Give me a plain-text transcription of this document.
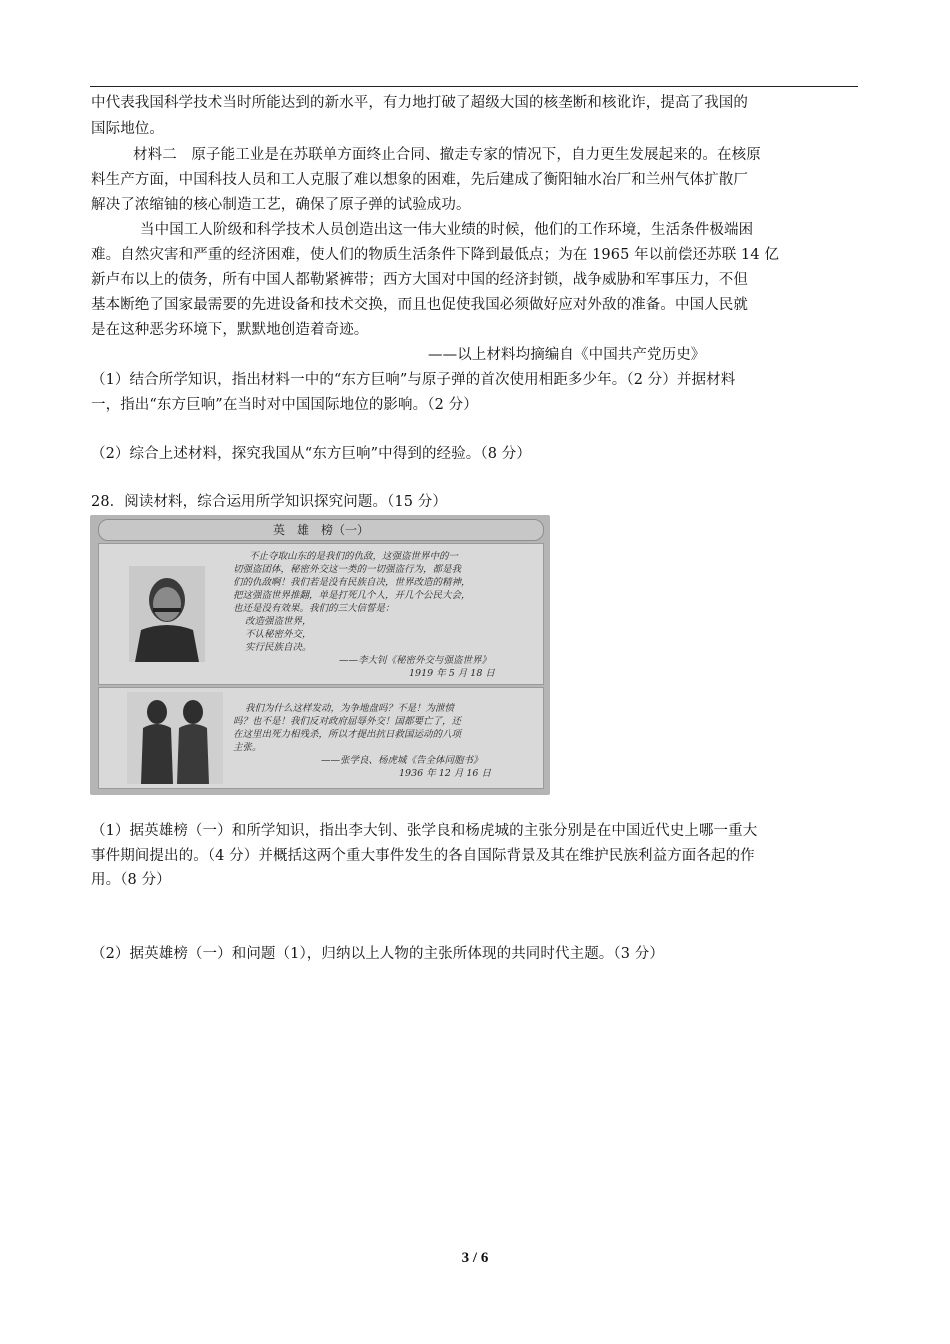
中代表我国科学技术当时所能达到的新水平，有力地打破了超级大国的核垄断和核讹诈，提高了我国的
国际地位。
材料二　原子能工业是在苏联单方面终止合同、撤走专家的情况下，自力更生发展起来的。在核原
料生产方面，中国科技人员和工人克服了难以想象的困难，先后建成了衡阳轴水冶厂和兰州气体扩散厂
解决了浓缩铀的核心制造工艺，确保了原子弹的试验成功。
当中国工人阶级和科学技术人员创造出这一伟大业绩的时候，他们的工作环境，生活条件极端困
难。自然灾害和严重的经济困难，使人们的物质生活条件下降到最低点；为在 1965 年以前偿还苏联 14 亿
新卢布以上的债务，所有中国人都勒紧裤带；西方大国对中国的经济封锁，战争威胁和军事压力，不但
基本断绝了国家最需要的先进设备和技术交换，而且也促使我国必须做好应对外敌的准备。中国人民就
是在这种恶劣环境下，默默地创造着奇迹。
——以上材料均摘编自《中国共产党历史》
（1）结合所学知识，指出材料一中的“东方巨响”与原子弹的首次使用相距多少年。（2 分）并据材料
一，指出“东方巨响”在当时对中国国际地位的影响。（2 分）
（2）综合上述材料，探究我国从“东方巨响”中得到的经验。（8 分）
28．阅读材料，综合运用所学知识探究问题。（15 分）
英　雄　榜（一）
不止夺取山东的是我们的仇敌，这强盗世界中的一
切强盗团体，秘密外交这一类的一切强盗行为，都是我
们的仇敌啊！我们若是没有民族自决，世界改造的精神，
把这强盗世界推翻，单是打死几个人，开几个公民大会，
也还是没有效果。我们的三大信誓是：
改造强盗世界，
不认秘密外交，
实行民族自决。
——李大钊《秘密外交与强盗世界》
1919 年 5 月 18 日
我们为什么这样发动，为争地盘吗？不是！为泄愤
吗？也不是！我们反对政府屈辱外交！国都要亡了，还
在这里出死力相残杀，所以才提出抗日救国运动的八项
主张。
——张学良、杨虎城《告全体同胞书》
1936 年 12 月 16 日
（1）据英雄榜（一）和所学知识，指出李大钊、张学良和杨虎城的主张分别是在中国近代史上哪一重大
事件期间提出的。（4 分）并概括这两个重大事件发生的各自国际背景及其在维护民族利益方面各起的作
用。（8 分）
（2）据英雄榜（一）和问题（1），归纳以上人物的主张所体现的共同时代主题。（3 分）
3 / 6
